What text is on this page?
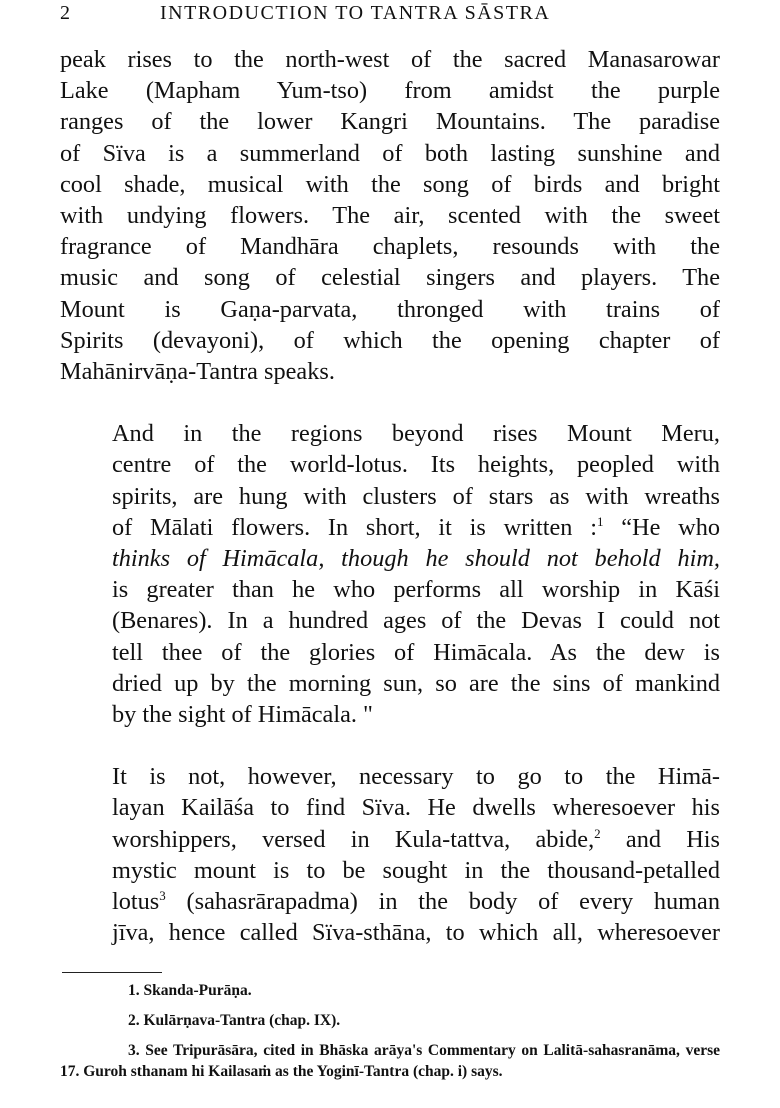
2	INTRODUCTION TO TANTRA SĀSTRA

peak rises to the north-west of the sacred Manasarowar
Lake (Mapham Yum-tso) from amidst the purple
ranges of the lower Kangri Mountains. The paradise
of Sïva is a summerland of both lasting sunshine and
cool shade, musical with the song of birds and bright
with undying flowers. The air, scented with the sweet
fragrance of Mandhāra chaplets, resounds with the
music and song of celestial singers and players. The
Mount is Gaṇa-parvata, thronged with trains of
Spirits (devayoni), of which the opening chapter of
Mahānirvāṇa-Tantra speaks.

And in the regions beyond rises Mount Meru,
centre of the world-lotus. Its heights, peopled with
spirits, are hung with clusters of stars as with wreaths
of Mālati flowers. In short, it is written :$^1$ “He who
thinks of Himācala, though he should not behold him,
is greater than he who performs all worship in Kāśi
(Benares). In a hundred ages of the Devas I could not
tell thee of the glories of Himācala. As the dew is
dried up by the morning sun, so are the sins of mankind
by the sight of Himācala. "

It is not, however, necessary to go to the Himā-
layan Kailāśa to find Sïva. He dwells wheresoever his
worshippers, versed in Kula-tattva, abide,$^2$ and His
mystic mount is to be sought in the thousand-petalled
lotus$^3$ (sahasrārapadma) in the body of every human
jīva, hence called Sïva-sthāna, to which all, wheresoever

1. Skanda-Purāṇa.

2. Kulārṇava-Tantra (chap. IX).

3. See Tripurāsāra, cited in Bhāska arāya's Commentary on Lalitā-sahasranāma, verse 17. Guroh sthanam hi Kailasaṁ as the Yoginī-Tantra (chap. i) says.
